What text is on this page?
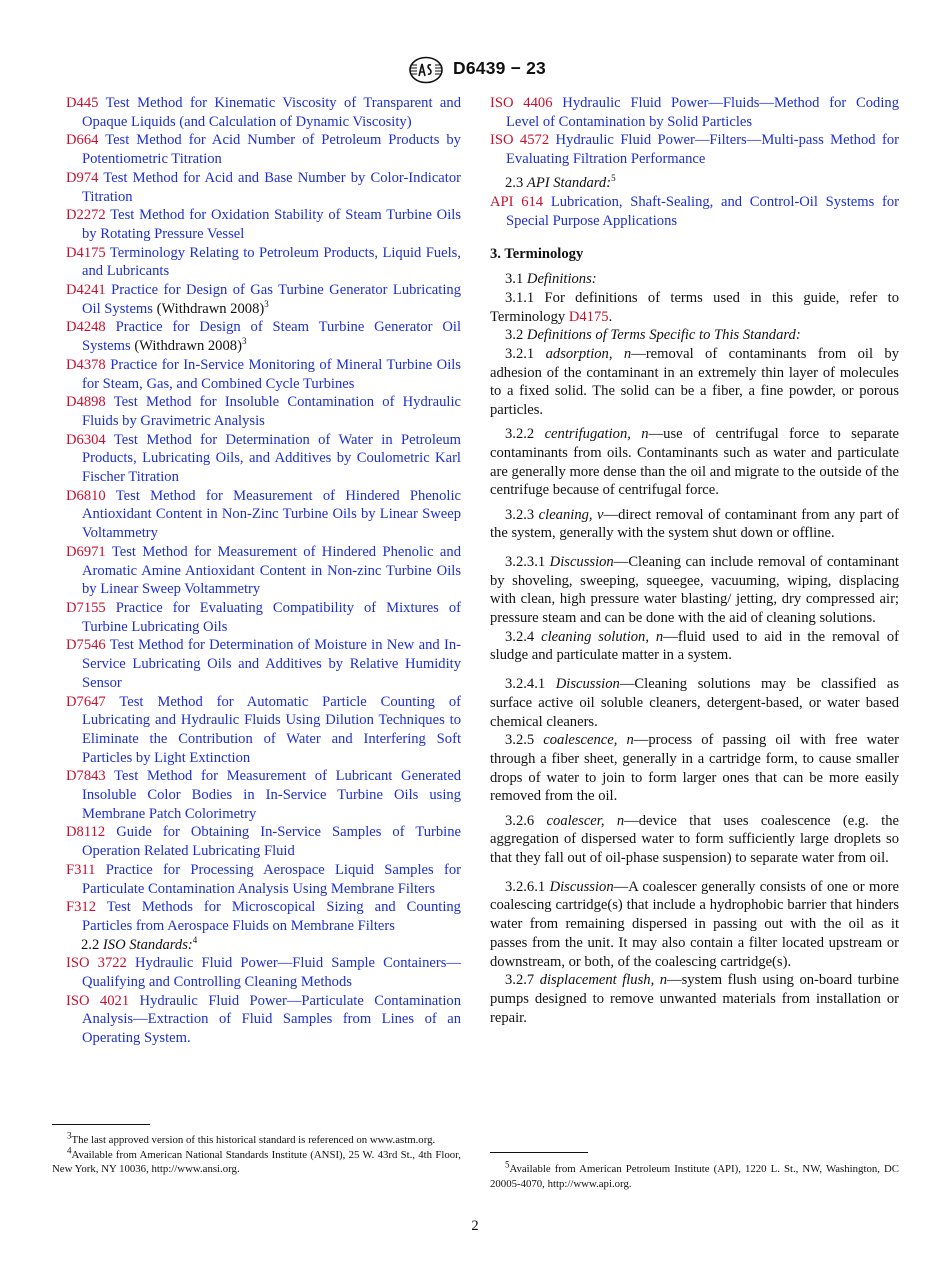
D6439 − 23

D445 Test Method for Kinematic Viscosity of Transparent and Opaque Liquids (and Calculation of Dynamic Viscosity)

D664 Test Method for Acid Number of Petroleum Products by Potentiometric Titration

D974 Test Method for Acid and Base Number by Color-Indicator Titration

D2272 Test Method for Oxidation Stability of Steam Turbine Oils by Rotating Pressure Vessel

D4175 Terminology Relating to Petroleum Products, Liquid Fuels, and Lubricants

D4241 Practice for Design of Gas Turbine Generator Lubricating Oil Systems (Withdrawn 2008)$^3$

D4248 Practice for Design of Steam Turbine Generator Oil Systems (Withdrawn 2008)$^3$

D4378 Practice for In-Service Monitoring of Mineral Turbine Oils for Steam, Gas, and Combined Cycle Turbines

D4898 Test Method for Insoluble Contamination of Hydraulic Fluids by Gravimetric Analysis

D6304 Test Method for Determination of Water in Petroleum Products, Lubricating Oils, and Additives by Coulometric Karl Fischer Titration

D6810 Test Method for Measurement of Hindered Phenolic Antioxidant Content in Non-Zinc Turbine Oils by Linear Sweep Voltammetry

D6971 Test Method for Measurement of Hindered Phenolic and Aromatic Amine Antioxidant Content in Non-zinc Turbine Oils by Linear Sweep Voltammetry

D7155 Practice for Evaluating Compatibility of Mixtures of Turbine Lubricating Oils

D7546 Test Method for Determination of Moisture in New and In-Service Lubricating Oils and Additives by Relative Humidity Sensor

D7647 Test Method for Automatic Particle Counting of Lubricating and Hydraulic Fluids Using Dilution Techniques to Eliminate the Contribution of Water and Interfering Soft Particles by Light Extinction

D7843 Test Method for Measurement of Lubricant Generated Insoluble Color Bodies in In-Service Turbine Oils using Membrane Patch Colorimetry

D8112 Guide for Obtaining In-Service Samples of Turbine Operation Related Lubricating Fluid

F311 Practice for Processing Aerospace Liquid Samples for Particulate Contamination Analysis Using Membrane Filters

F312 Test Methods for Microscopical Sizing and Counting Particles from Aerospace Fluids on Membrane Filters

2.2 ISO Standards:$^4$

ISO 3722 Hydraulic Fluid Power—Fluid Sample Containers—Qualifying and Controlling Cleaning Methods

ISO 4021 Hydraulic Fluid Power—Particulate Contamination Analysis—Extraction of Fluid Samples from Lines of an Operating System.

ISO 4406 Hydraulic Fluid Power—Fluids—Method for Coding Level of Contamination by Solid Particles

ISO 4572 Hydraulic Fluid Power—Filters—Multi-pass Method for Evaluating Filtration Performance

2.3 API Standard:$^5$

API 614 Lubrication, Shaft-Sealing, and Control-Oil Systems for Special Purpose Applications

3. Terminology

3.1 Definitions:

3.1.1 For definitions of terms used in this guide, refer to Terminology D4175.

3.2 Definitions of Terms Specific to This Standard:

3.2.1 adsorption, n—removal of contaminants from oil by adhesion of the contaminant in an extremely thin layer of molecules to a fixed solid. The solid can be a fiber, a fine powder, or porous particles.

3.2.2 centrifugation, n—use of centrifugal force to separate contaminants from oils. Contaminants such as water and particulate are generally more dense than the oil and migrate to the outside of the centrifuge because of centrifugal force.

3.2.3 cleaning, v—direct removal of contaminant from any part of the system, generally with the system shut down or offline.

3.2.3.1 Discussion—Cleaning can include removal of contaminant by shoveling, sweeping, squeegee, vacuuming, wiping, displacing with clean, high pressure water blasting/ jetting, dry compressed air; pressure steam and can be done with the aid of cleaning solutions.

3.2.4 cleaning solution, n—fluid used to aid in the removal of sludge and particulate matter in a system.

3.2.4.1 Discussion—Cleaning solutions may be classified as surface active oil soluble cleaners, detergent-based, or water based chemical cleaners.

3.2.5 coalescence, n—process of passing oil with free water through a fiber sheet, generally in a cartridge form, to cause smaller drops of water to join to form larger ones that can be more easily removed from the oil.

3.2.6 coalescer, n—device that uses coalescence (e.g. the aggregation of dispersed water to form sufficiently large droplets so that they fall out of oil-phase suspension) to separate water from oil.

3.2.6.1 Discussion—A coalescer generally consists of one or more coalescing cartridge(s) that include a hydrophobic barrier that hinders water from remaining dispersed in passing out with the oil as it passes from the unit. It may also contain a filter located upstream or downstream, or both, of the coalescing cartridge(s).

3.2.7 displacement flush, n—system flush using on-board turbine pumps designed to remove unwanted materials from installation or repair.

$^3$The last approved version of this historical standard is referenced on www.astm.org.

$^4$Available from American National Standards Institute (ANSI), 25 W. 43rd St., 4th Floor, New York, NY 10036, http://www.ansi.org.	$^5$Available from American Petroleum Institute (API), 1220 L. St., NW, Washington, DC 20005-4070, http://www.api.org.

2
